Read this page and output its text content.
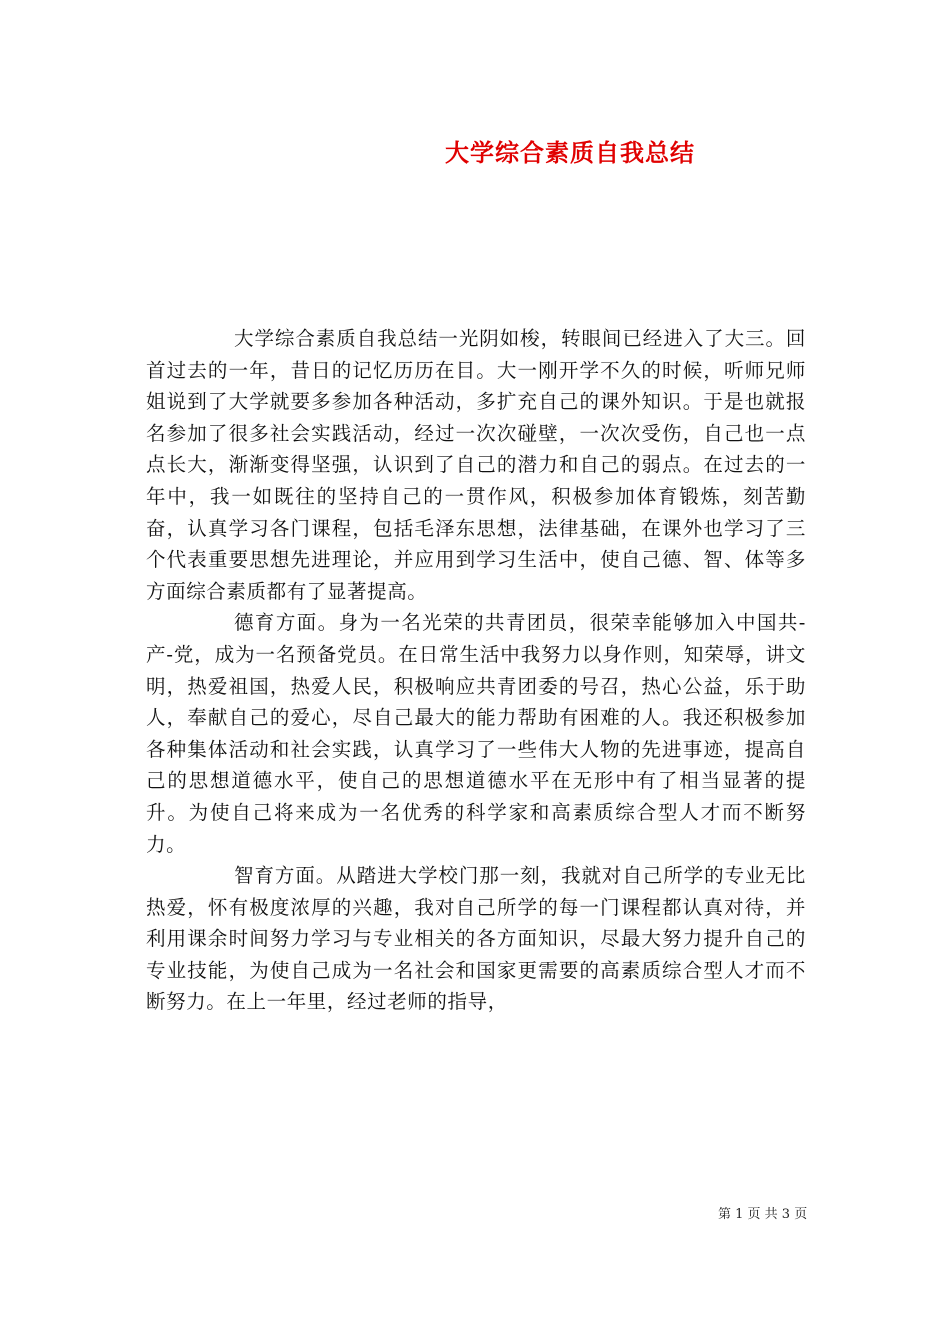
大学综合素质自我总结

大学综合素质自我总结一光阴如梭，转眼间已经进入了大三。回首过去的一年，昔日的记忆历历在目。大一刚开学不久的时候，听师兄师姐说到了大学就要多参加各种活动，多扩充自己的课外知识。于是也就报名参加了很多社会实践活动，经过一次次碰壁，一次次受伤，自己也一点点长大，渐渐变得坚强，认识到了自己的潜力和自己的弱点。在过去的一年中，我一如既往的坚持自己的一贯作风，积极参加体育锻炼，刻苦勤奋，认真学习各门课程，包括毛泽东思想，法律基础，在课外也学习了三个代表重要思想先进理论，并应用到学习生活中，使自己德、智、体等多方面综合素质都有了显著提高。

德育方面。身为一名光荣的共青团员，很荣幸能够加入中国共-产-党，成为一名预备党员。在日常生活中我努力以身作则，知荣辱，讲文明，热爱祖国，热爱人民，积极响应共青团委的号召，热心公益，乐于助人，奉献自己的爱心，尽自己最大的能力帮助有困难的人。我还积极参加各种集体活动和社会实践，认真学习了一些伟大人物的先进事迹，提高自己的思想道德水平，使自己的思想道德水平在无形中有了相当显著的提升。为使自己将来成为一名优秀的科学家和高素质综合型人才而不断努力。

智育方面。从踏进大学校门那一刻，我就对自己所学的专业无比热爱，怀有极度浓厚的兴趣，我对自己所学的每一门课程都认真对待，并利用课余时间努力学习与专业相关的各方面知识，尽最大努力提升自己的专业技能，为使自己成为一名社会和国家更需要的高素质综合型人才而不断努力。在上一年里，经过老师的指导，

第 1 页 共 3 页
